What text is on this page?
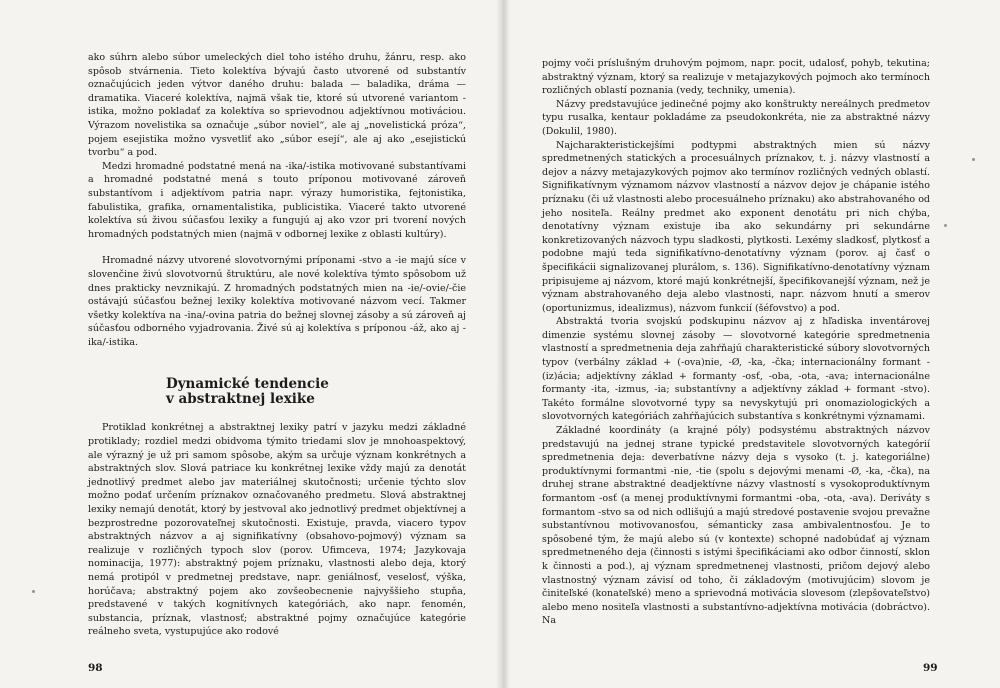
ako súhrn alebo súbor umeleckých diel toho istého druhu, žánru, resp. ako spôsob stvárnenia. Tieto kolektíva bývajú často utvorené od substantív označujúcich jeden výtvor daného druhu: balada — baladika, dráma — dramatika. Viaceré kolektíva, najmä však tie, ktoré sú utvorené variantom -istika, možno pokladať za kolektíva so sprievodnou adjektívnou motiváciou. Výrazom novelistika sa označuje „súbor noviel“, ale aj „novelistická próza“, pojem esejistika možno vysvetliť ako „súbor esejí“, ale aj ako „esejistickú tvorbu“ a pod.

Medzi hromadné podstatné mená na -ika/-istika motivované substantívami a hromadné podstatné mená s touto príponou motivované zároveň substantívom i adjektívom patria napr. výrazy humoristika, fejtonistika, fabulistika, grafika, ornamentalistika, publicistika. Viaceré takto utvorené kolektíva sú živou súčasťou lexiky a fungujú aj ako vzor pri tvorení nových hromadných podstatných mien (najmä v odbornej lexike z oblasti kultúry).

Hromadné názvy utvorené slovotvornými príponami -stvo a -ie majú síce v slovenčine živú slovotvornú štruktúru, ale nové kolektíva týmto spôsobom už dnes prakticky nevznikajú. Z hromadných podstatných mien na -ie/-ovie/-čie ostávajú súčasťou bežnej lexiky kolektíva motivované názvom vecí. Takmer všetky kolektíva na -ina/-ovina patria do bežnej slovnej zásoby a sú zároveň aj súčasťou odborného vyjadrovania. Živé sú aj kolektíva s príponou -áž, ako aj -ika/-istika.

Dynamické tendencie
v abstraktnej lexike

Protiklad konkrétnej a abstraktnej lexiky patrí v jazyku medzi základné protiklady; rozdiel medzi obidvoma týmito triedami slov je mnohoaspektový, ale výrazný je už pri samom spôsobe, akým sa určuje význam konkrétnych a abstraktných slov. Slová patriace ku konkrétnej lexike vždy majú za denotát jednotlivý predmet alebo jav materiálnej skutočnosti; určenie týchto slov možno podať určením príznakov označovaného predmetu. Slová abstraktnej lexiky nemajú denotát, ktorý by jestvoval ako jednotlivý predmet objektívnej a bezprostredne pozorovateľnej skutočnosti. Existuje, pravda, viacero typov abstraktných názvov a aj signifikatívny (obsahovo-pojmový) význam sa realizuje v rozličných typoch slov (porov. Ufimceva, 1974; Jazykovaja nominacija, 1977): abstraktný pojem príznaku, vlastnosti alebo deja, ktorý nemá protipól v predmetnej predstave, napr. geniálnosť, veselosť, výška, horúčava; abstraktný pojem ako zovšeobecnenie najvyššieho stupňa, predstavené v takých kognitívnych kategóriách, ako napr. fenomén, substancia, príznak, vlastnosť; abstraktné pojmy označujúce kategórie reálneho sveta, vystupujúce ako rodové

98

pojmy voči príslušným druhovým pojmom, napr. pocit, udalosť, pohyb, tekutina; abstraktný význam, ktorý sa realizuje v metajazykových pojmoch ako termínoch rozličných oblastí poznania (vedy, techniky, umenia).

Názvy predstavujúce jedinečné pojmy ako konštrukty nereálnych predmetov typu rusalka, kentaur pokladáme za pseudokonkréta, nie za abstraktné názvy (Dokulil, 1980).

Najcharakteristickejšími podtypmi abstraktných mien sú názvy spredmetnených statických a procesuálnych príznakov, t. j. názvy vlastností a dejov a názvy metajazykových pojmov ako termínov rozličných vedných oblastí. Signifikatívnym významom názvov vlastností a názvov dejov je chápanie istého príznaku (či už vlastnosti alebo procesuálneho príznaku) ako abstrahovaného od jeho nositeľa. Reálny predmet ako exponent denotátu pri nich chýba, denotatívny význam existuje iba ako sekundárny pri sekundárne konkretizovaných názvoch typu sladkosti, plytkosti. Lexémy sladkosť, plytkosť a podobne majú teda signifikatívno-denotatívny význam (porov. aj časť o špecifikácii signalizovanej plurálom, s. 136). Signifikatívno-denotatívny význam pripisujeme aj názvom, ktoré majú konkrétnejší, špecifikovanejší význam, než je význam abstrahovaného deja alebo vlastnosti, napr. názvom hnutí a smerov (oportunizmus, idealizmus), názvom funkcií (šéfovstvo) a pod.

Abstraktá tvoria svojskú podskupinu názvov aj z hľadiska inventárovej dimenzie systému slovnej zásoby — slovotvorné kategórie spredmetnenia vlastností a spredmetnenia deja zahŕňajú charakteristické súbory slovotvorných typov (verbálny základ + (-ova)nie, -Ø, -ka, -čka; internacionálny formant -(iz)ácia; adjektívny základ + formanty -osť, -oba, -ota, -ava; internacionálne formanty -ita, -izmus, -ia; substantívny a adjektívny základ + formant -stvo). Takéto formálne slovotvorné typy sa nevyskytujú pri onomaziologických a slovotvorných kategóriách zahŕňajúcich substantíva s konkrétnymi významami.

Základné koordináty (a krajné póly) podsystému abstraktných názvov predstavujú na jednej strane typické predstavitele slovotvorných kategórií spredmetnenia deja: deverbatívne názvy deja s vysoko (t. j. kategoriálne) produktívnymi formantmi -nie, -tie (spolu s dejovými menami -Ø, -ka, -čka), na druhej strane abstraktné deadjektívne názvy vlastností s vysokoproduktívnym formantom -osť (a menej produktívnymi formantmi -oba, -ota, -ava). Deriváty s formantom -stvo sa od nich odlišujú a majú stredové postavenie svojou prevažne substantívnou motivovanosťou, sémanticky zasa ambivalentnosťou. Je to spôsobené tým, že majú alebo sú (v kontexte) schopné nadobúdať aj význam spredmetneného deja (činnosti s istými špecifikáciami ako odbor činností, sklon k činnosti a pod.), aj význam spredmetnenej vlastnosti, pričom dejový alebo vlastnostný význam závisí od toho, či základovým (motivujúcim) slovom je činiteľské (konateľské) meno a sprievodná motivácia slovesom (zlepšovateľstvo) alebo meno nositeľa vlastnosti a substantívno-adjektívna motivácia (dobráctvo). Na

99
